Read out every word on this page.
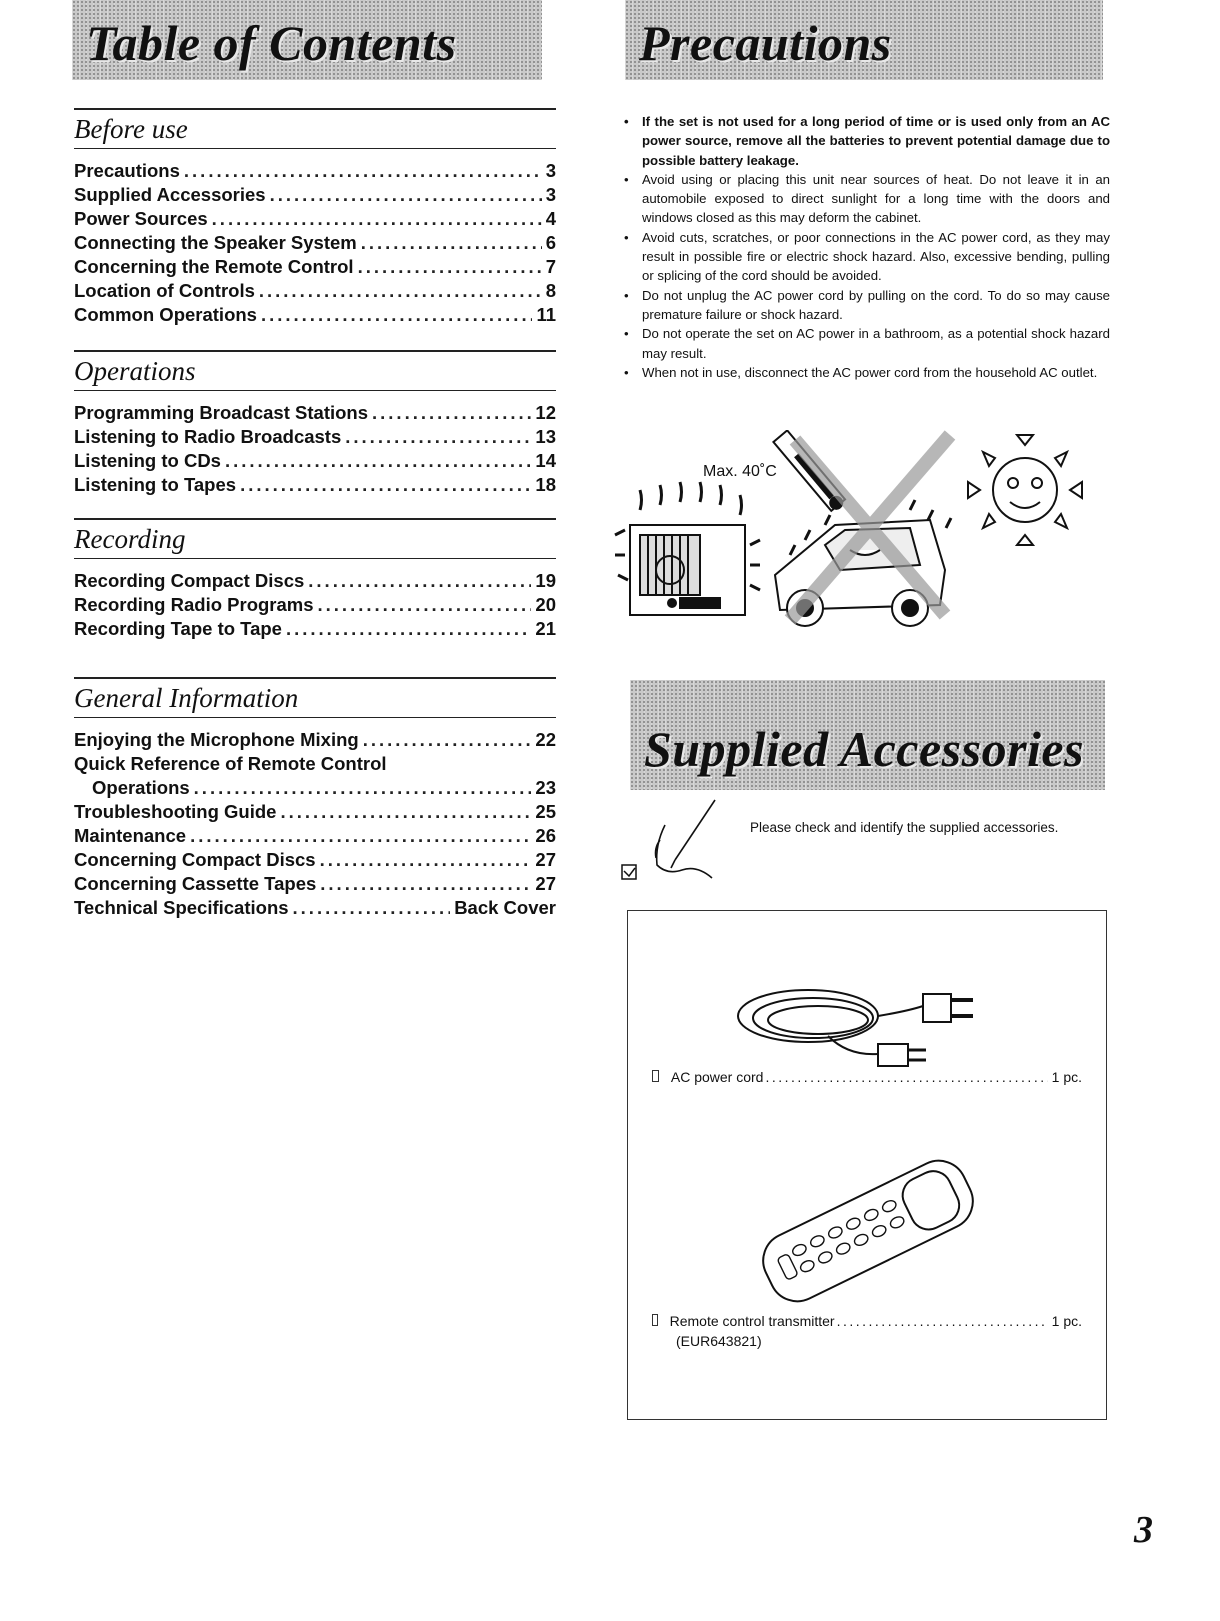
Table of Contents	Precautions
Before use
Precautions .....	3
Supplied Accessories .....	3
Power Sources .....	4
Connecting the Speaker System .....	6
Concerning the Remote Control .....	7
Location of Controls .....	8
Common Operations .....	11
Operations
Programming Broadcast Stations .....	12
Listening to Radio Broadcasts .....	13
Listening to CDs .....	14
Listening to Tapes .....	18
Recording
Recording Compact Discs .....	19
Recording Radio Programs .....	20
Recording Tape to Tape .....	21
General Information
Enjoying the Microphone Mixing .....	22
Quick Reference of Remote Control
Operations .....	23
Troubleshooting Guide .....	25
Maintenance .....	26
Concerning Compact Discs .....	27
Concerning Cassette Tapes .....	27
Technical Specifications .....	Back Cover
• If the set is not used for a long period of time or is used only from an AC power source, remove all the batteries to prevent potential damage due to possible battery leakage.
• Avoid using or placing this unit near sources of heat. Do not leave it in an automobile exposed to direct sunlight for a long time with the doors and windows closed as this may deform the cabinet.
• Avoid cuts, scratches, or poor connections in the AC power cord, as they may result in possible fire or electric shock hazard. Also, excessive bending, pulling or splicing of the cord should be avoided.
• Do not unplug the AC power cord by pulling on the cord. To do so may cause premature failure or shock hazard.
• Do not operate the set on AC power in a bathroom, as a potential shock hazard may result.
• When not in use, disconnect the AC power cord from the household AC outlet.
Max. 40˚C
Supplied Accessories
Please check and identify the supplied accessories.
AC power cord .....	1 pc.
Remote control transmitter .....	1 pc.
(EUR643821)
3
